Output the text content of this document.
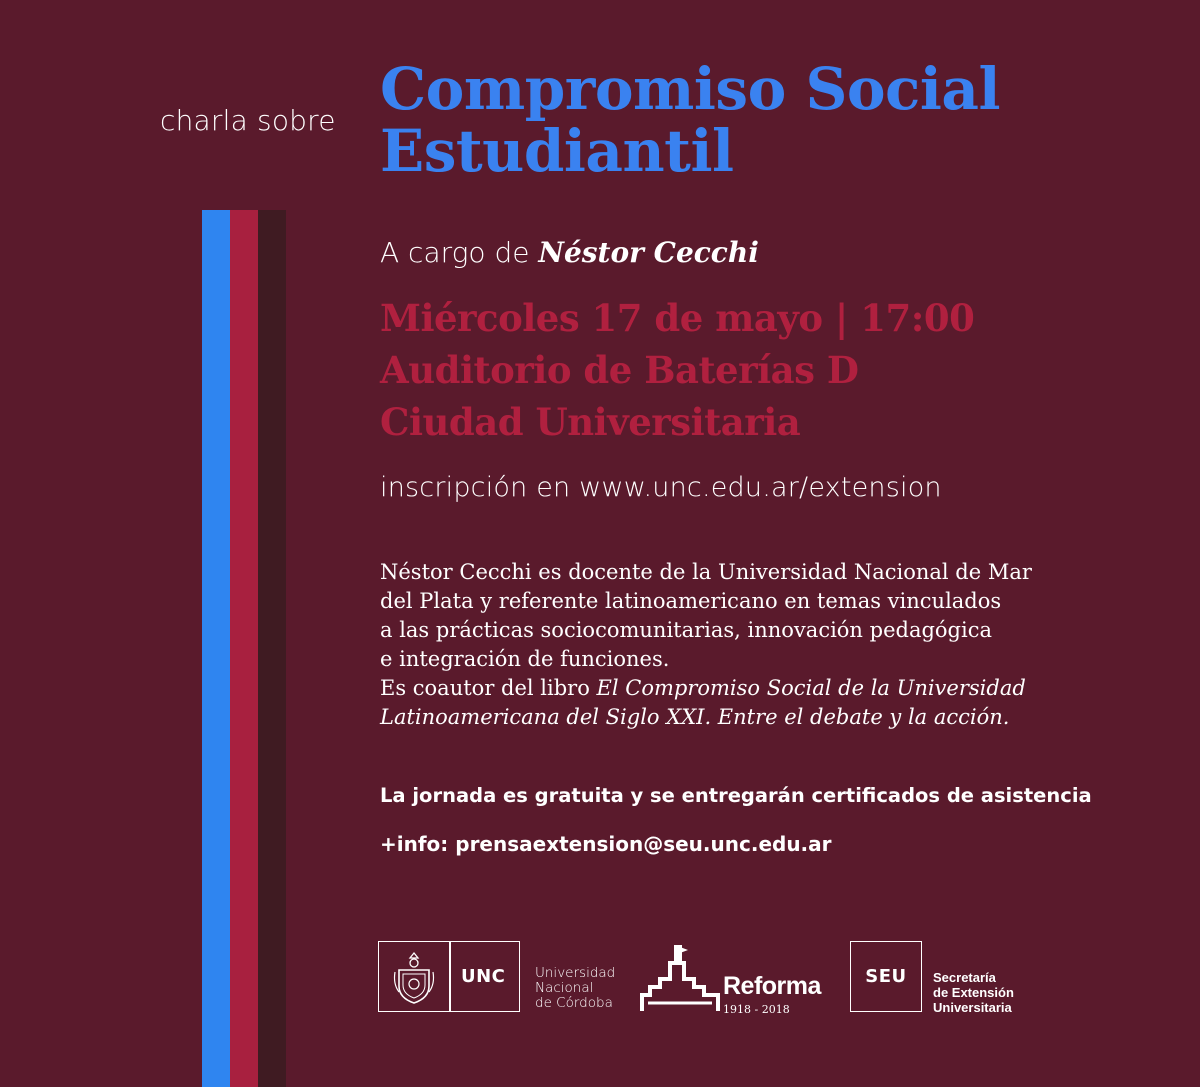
charla sobre Compromiso Social
Estudiantil
A cargo de Néstor Cecchi
Miércoles 17 de mayo | 17:00
Auditorio de Baterías D
Ciudad Universitaria
inscripción en www.unc.edu.ar/extension
Néstor Cecchi es docente de la Universidad Nacional de Mar
del Plata y referente latinoamericano en temas vinculados
a las prácticas sociocomunitarias, innovación pedagógica
e integración de funciones.
Es coautor del libro El Compromiso Social de la Universidad
Latinoamericana del Siglo XXI. Entre el debate y la acción.
La jornada es gratuita y se entregarán certificados de asistencia
+info: prensaextension@seu.unc.edu.ar
UNC Universidad
Nacional
de Córdoba
Reforma
1918 - 2018
SEU	Secretaría
de Extensión
Universitaria
